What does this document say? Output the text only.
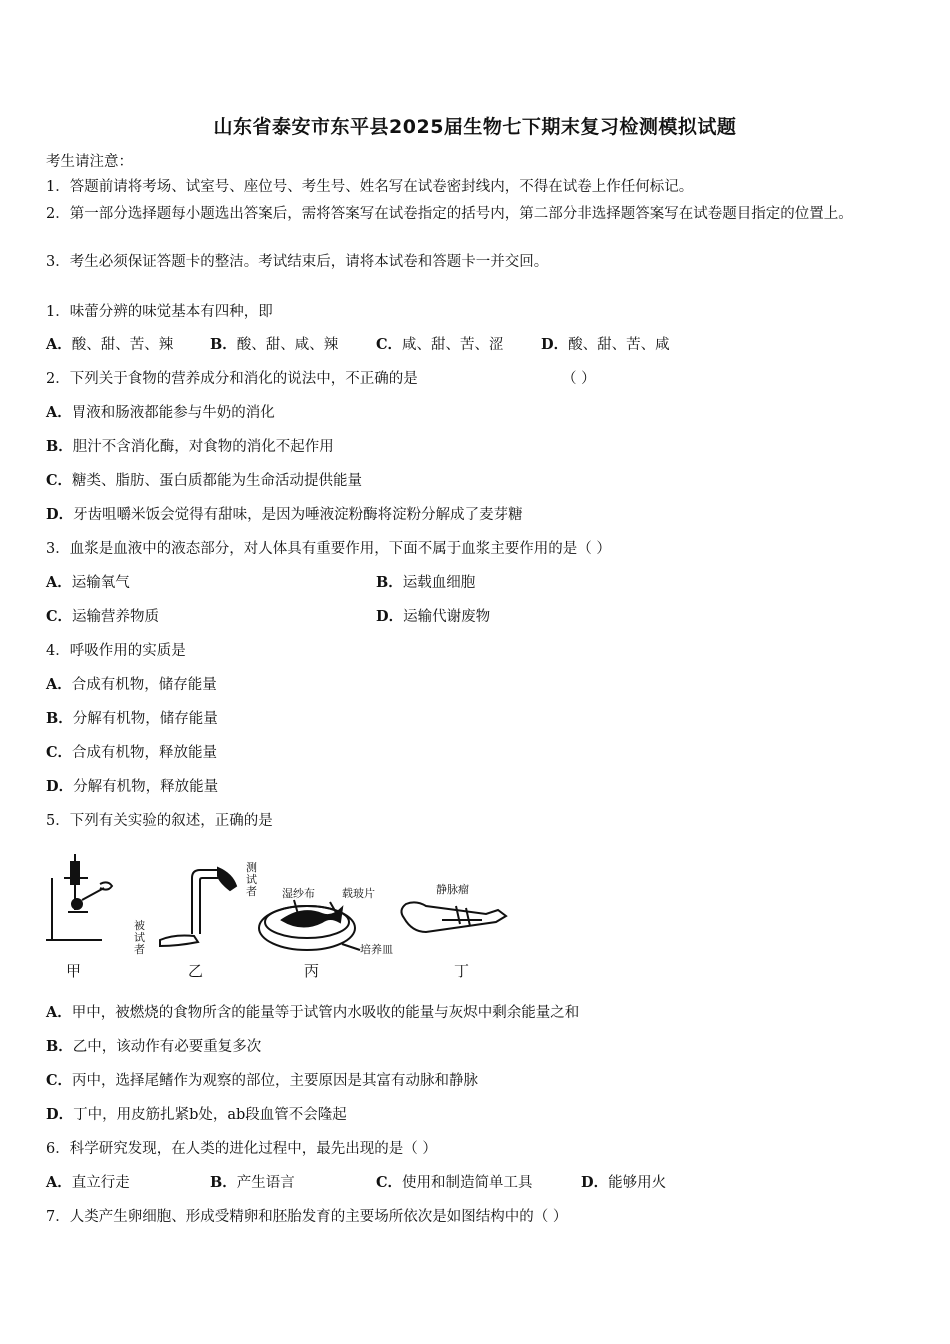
山东省泰安市东平县2025届生物七下期末复习检测模拟试题
考生请注意：
1．答题前请将考场、试室号、座位号、考生号、姓名写在试卷密封线内，不得在试卷上作任何标记。
2．第一部分选择题每小题选出答案后，需将答案写在试卷指定的括号内，第二部分非选择题答案写在试卷题目指定的位置上。
3．考生必须保证答题卡的整洁。考试结束后，请将本试卷和答题卡一并交回。
1．味蕾分辨的味觉基本有四种，即
A．酸、甜、苦、辣	B．酸、甜、咸、辣	C．咸、甜、苦、涩	D．酸、甜、苦、咸
2．下列关于食物的营养成分和消化的说法中，不正确的是	（ ）
A．胃液和肠液都能参与牛奶的消化
B．胆汁不含消化酶，对食物的消化不起作用
C．糖类、脂肪、蛋白质都能为生命活动提供能量
D．牙齿咀嚼米饭会觉得有甜味，是因为唾液淀粉酶将淀粉分解成了麦芽糖
3．血浆是血液中的液态部分，对人体具有重要作用，下面不属于血浆主要作用的是（ ）
A．运输氧气	B．运载血细胞
C．运输营养物质	D．运输代谢废物
4．呼吸作用的实质是
A．合成有机物，储存能量
B．分解有机物，储存能量
C．合成有机物，释放能量
D．分解有机物，释放能量
5．下列有关实验的叙述，正确的是
测试者
被试者
湿纱布 载玻片
培养皿
静脉瘤
甲	乙	丙	丁
A．甲中，被燃烧的食物所含的能量等于试管内水吸收的能量与灰烬中剩余能量之和
B．乙中，该动作有必要重复多次
C．丙中，选择尾鳍作为观察的部位，主要原因是其富有动脉和静脉
D．丁中，用皮筋扎紧b处，ab段血管不会隆起
6．科学研究发现，在人类的进化过程中，最先出现的是（ ）
A．直立行走	B．产生语言	C．使用和制造简单工具	D．能够用火
7．人类产生卵细胞、形成受精卵和胚胎发育的主要场所依次是如图结构中的（ ）
